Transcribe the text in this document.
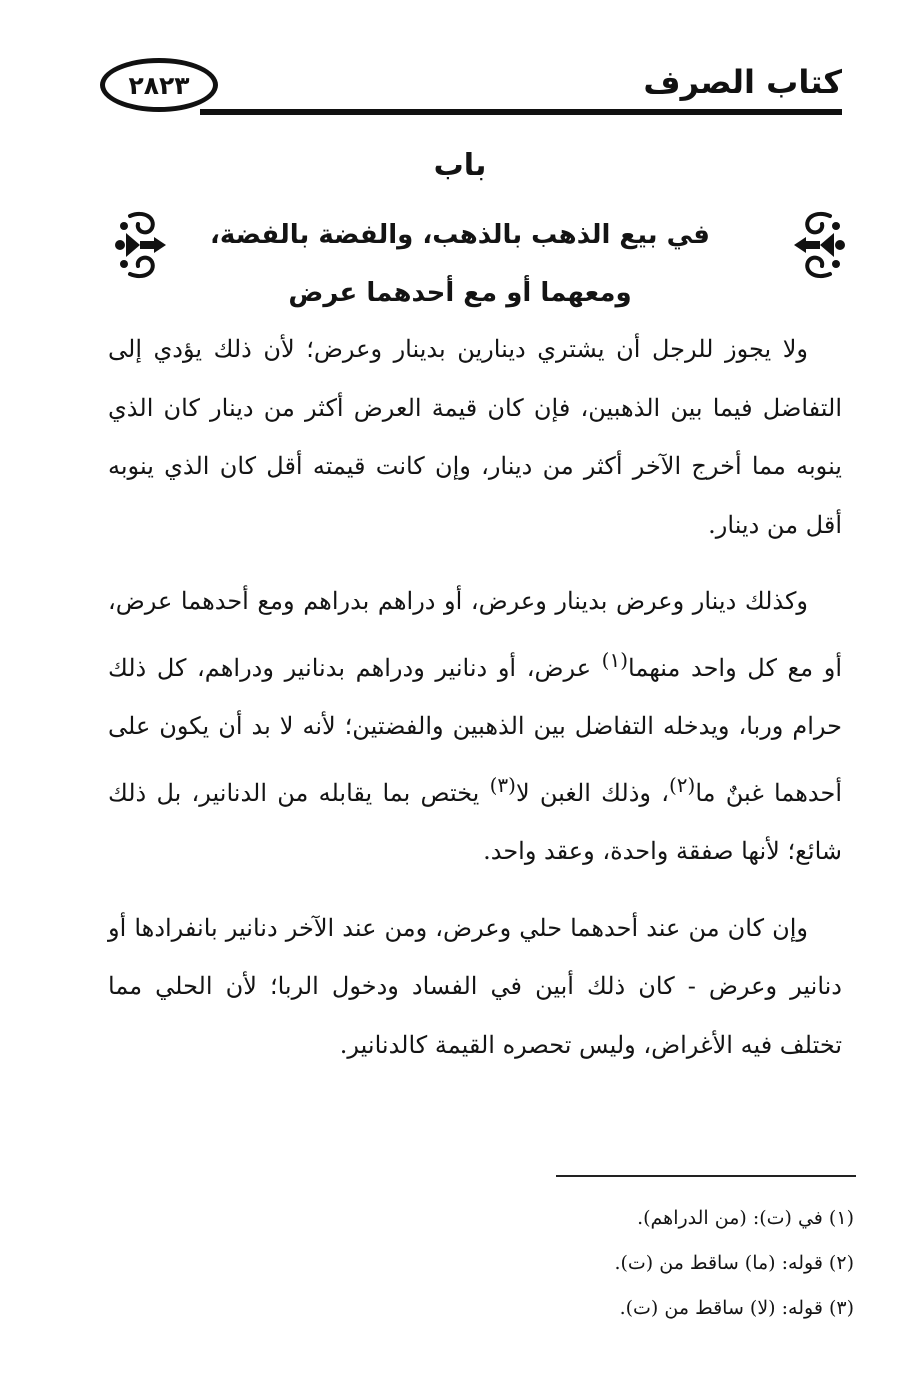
كتاب الصرف
٢٨٢٣
باب
في بيع الذهب بالذهب، والفضة بالفضة،
ومعهما أو مع أحدهما عرض

ولا يجوز للرجل أن يشتري دينارين بدينار وعرض؛ لأن ذلك يؤدي إلى التفاضل فيما بين الذهبين، فإن كان قيمة العرض أكثر من دينار كان الذي ينوبه مما أخرج الآخر أكثر من دينار، وإن كانت قيمته أقل كان الذي ينوبه أقل من دينار.

وكذلك دينار وعرض بدينار وعرض، أو دراهم بدراهم ومع أحدهما عرض، أو مع كل واحد منهما$^{(١)}$ عرض، أو دنانير ودراهم بدنانير ودراهم، كل ذلك حرام وربا، ويدخله التفاضل بين الذهبين والفضتين؛ لأنه لا بد أن يكون على أحدهما غبنٌ ما$^{(٢)}$، وذلك الغبن لا$^{(٣)}$ يختص بما يقابله من الدنانير، بل ذلك شائع؛ لأنها صفقة واحدة، وعقد واحد.

وإن كان من عند أحدهما حلي وعرض، ومن عند الآخر دنانير بانفرادها أو دنانير وعرض - كان ذلك أبين في الفساد ودخول الربا؛ لأن الحلي مما تختلف فيه الأغراض، وليس تحصره القيمة كالدنانير.

(١) في (ت): (من الدراهم).
(٢) قوله: (ما) ساقط من (ت).
(٣) قوله: (لا) ساقط من (ت).
